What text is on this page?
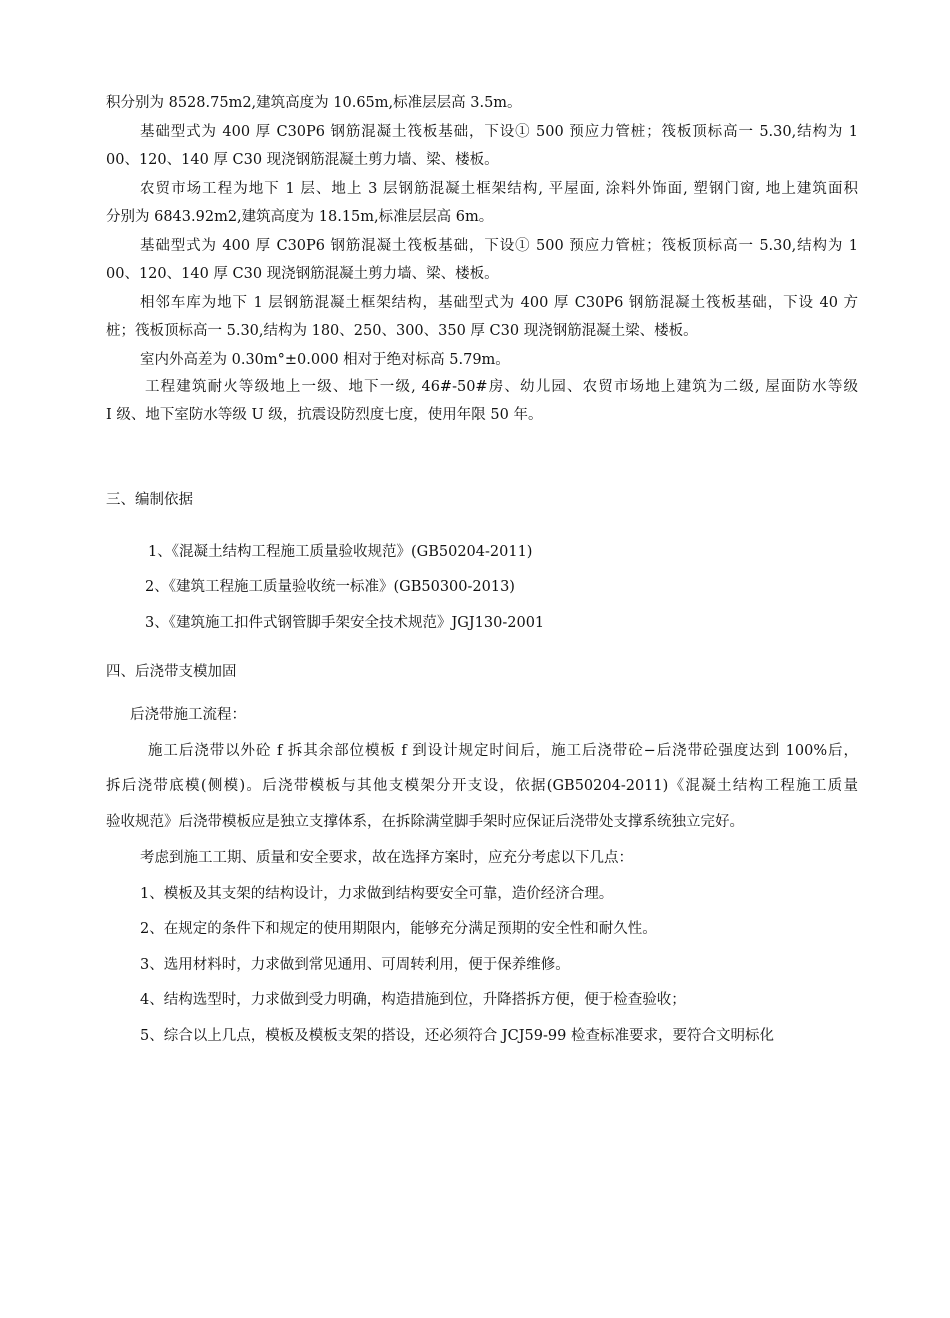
积分别为 8528.75m2,建筑高度为 10.65m,标准层层高 3.5m。

基础型式为 400 厚 C30P6 钢筋混凝土筏板基础，下设① 500 预应力管桩；筏板顶标高一 5.30,结构为 1

00、120、140 厚 C30 现浇钢筋混凝土剪力墙、梁、楼板。

农贸市场工程为地下 1 层、地上 3 层钢筋混凝土框架结构, 平屋面, 涂料外饰面, 塑钢门窗, 地上建筑面积

分别为 6843.92m2,建筑高度为 18.15m,标准层层高 6m。

基础型式为 400 厚 C30P6 钢筋混凝土筏板基础，下设① 500 预应力管桩；筏板顶标高一 5.30,结构为 1

00、120、140 厚 C30 现浇钢筋混凝土剪力墙、梁、楼板。

相邻车库为地下 1 层钢筋混凝土框架结构，基础型式为 400 厚 C30P6 钢筋混凝土筏板基础，下设 40 方

桩；筏板顶标高一 5.30,结构为 180、250、300、350 厚 C30 现浇钢筋混凝土梁、楼板。

室内外高差为 0.30m°±0.000 相对于绝对标高 5.79m。

工程建筑耐火等级地上一级、地下一级, 46#-50#房、幼儿园、农贸市场地上建筑为二级, 屋面防水等级

I 级、地下室防水等级 U 级，抗震设防烈度七度，使用年限 50 年。

三、编制依据

1、《混凝土结构工程施工质量验收规范》(GB50204-2011)

2、《建筑工程施工质量验收统一标准》(GB50300-2013)

3、《建筑施工扣件式钢管脚手架安全技术规范》JGJ130-2001

四、后浇带支模加固

后浇带施工流程：

施工后浇带以外砼 f 拆其余部位模板 f 到设计规定时间后，施工后浇带砼−后浇带砼强度达到 100%后，

拆后浇带底模(侧模)。后浇带模板与其他支模架分开支设，依据(GB50204-2011)《混凝土结构工程施工质量

验收规范》后浇带模板应是独立支撑体系，在拆除满堂脚手架时应保证后浇带处支撑系统独立完好。

考虑到施工工期、质量和安全要求，故在选择方案时，应充分考虑以下几点：

1、模板及其支架的结构设计，力求做到结构要安全可靠，造价经济合理。

2、在规定的条件下和规定的使用期限内，能够充分满足预期的安全性和耐久性。

3、选用材料时，力求做到常见通用、可周转利用，便于保养维修。

4、结构选型时，力求做到受力明确，构造措施到位，升降搭拆方便，便于检查验收；

5、综合以上几点，模板及模板支架的搭设，还必须符合 JCJ59-99 检查标准要求，要符合文明标化
